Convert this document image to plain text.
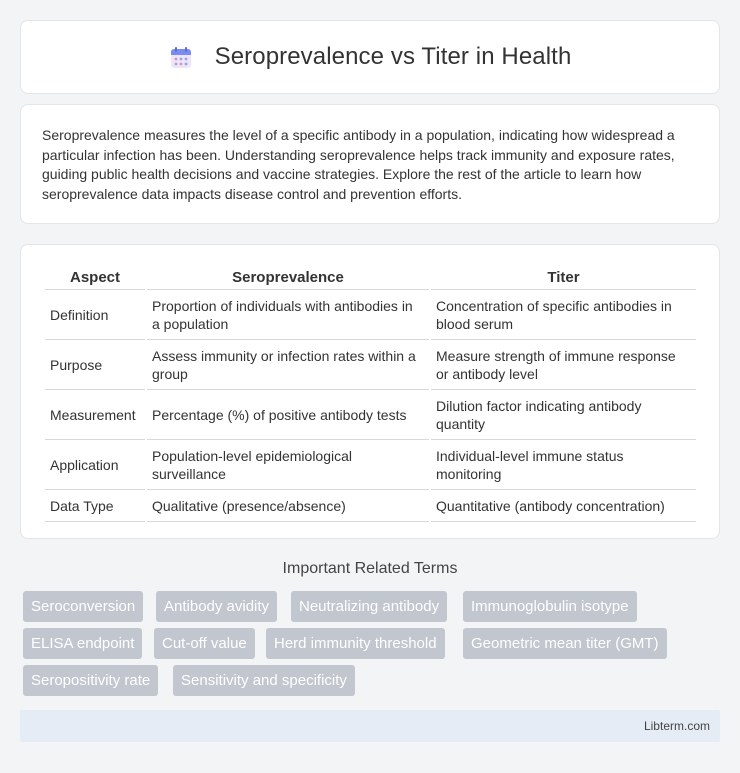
Seroprevalence vs Titer in Health

Seroprevalence measures the level of a specific antibody in a population, indicating how widespread a particular infection has been. Understanding seroprevalence helps track immunity and exposure rates, guiding public health decisions and vaccine strategies. Explore the rest of the article to learn how seroprevalence data impacts disease control and prevention efforts.

Aspect	Seroprevalence	Titer
Definition	Proportion of individuals with antibodies in a population	Concentration of specific antibodies in blood serum
Purpose	Assess immunity or infection rates within a group	Measure strength of immune response or antibody level
Measurement	Percentage (%) of positive antibody tests	Dilution factor indicating antibody quantity
Application	Population-level epidemiological surveillance	Individual-level immune status monitoring
Data Type	Qualitative (presence/absence)	Quantitative (antibody concentration)
Important Related Terms
Seroconversion	Antibody avidity	Neutralizing antibody	Immunoglobulin isotype
ELISA endpoint	Cut-off value	Herd immunity threshold	Geometric mean titer (GMT)
Seropositivity rate	Sensitivity and specificity
Libterm.com
